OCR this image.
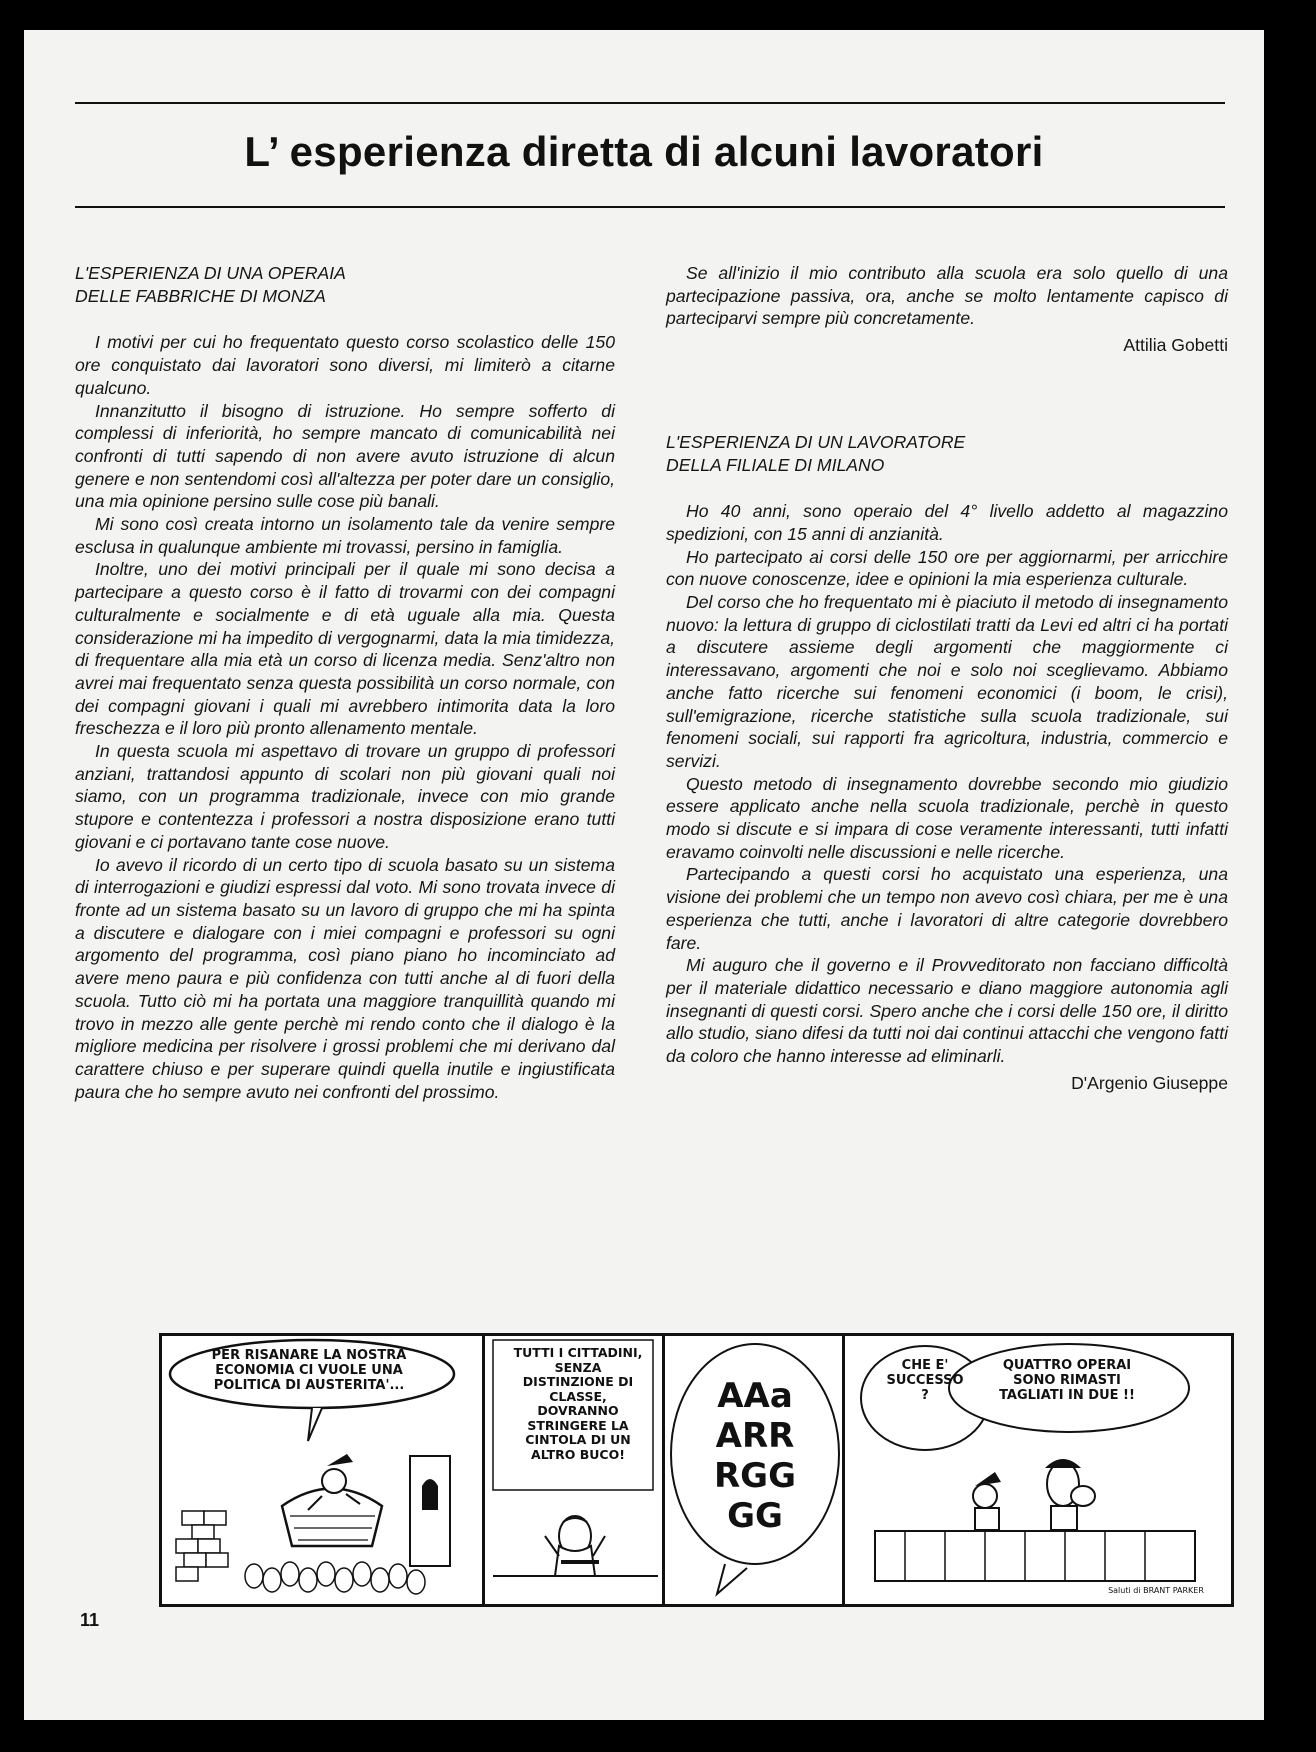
L’ esperienza diretta di alcuni lavoratori
L'ESPERIENZA DI UNA OPERAIA
DELLE FABBRICHE DI MONZA

I motivi per cui ho frequentato questo corso scolastico delle 150 ore conquistato dai lavoratori sono diversi, mi limiterò a citarne qualcuno.

Innanzitutto il bisogno di istruzione. Ho sempre sofferto di complessi di inferiorità, ho sempre mancato di comunicabilità nei confronti di tutti sapendo di non avere avuto istruzione di alcun genere e non sentendomi così all'altezza per poter dare un consiglio, una mia opinione persino sulle cose più banali.

Mi sono così creata intorno un isolamento tale da venire sempre esclusa in qualunque ambiente mi trovassi, persino in famiglia.

Inoltre, uno dei motivi principali per il quale mi sono decisa a partecipare a questo corso è il fatto di trovarmi con dei compagni culturalmente e socialmente e di età uguale alla mia. Questa considerazione mi ha impedito di vergognarmi, data la mia timidezza, di frequentare alla mia età un corso di licenza media. Senz'altro non avrei mai frequentato senza questa possibilità un corso normale, con dei compagni giovani i quali mi avrebbero intimorita data la loro freschezza e il loro più pronto allenamento mentale.

In questa scuola mi aspettavo di trovare un gruppo di professori anziani, trattandosi appunto di scolari non più giovani quali noi siamo, con un programma tradizionale, invece con mio grande stupore e contentezza i professori a nostra disposizione erano tutti giovani e ci portavano tante cose nuove.

Io avevo il ricordo di un certo tipo di scuola basato su un sistema di interrogazioni e giudizi espressi dal voto. Mi sono trovata invece di fronte ad un sistema basato su un lavoro di gruppo che mi ha spinta a discutere e dialogare con i miei compagni e professori su ogni argomento del programma, così piano piano ho incominciato ad avere meno paura e più confidenza con tutti anche al di fuori della scuola. Tutto ciò mi ha portata una maggiore tranquillità quando mi trovo in mezzo alle gente perchè mi rendo conto che il dialogo è la migliore medicina per risolvere i grossi problemi che mi derivano dal carattere chiuso e per superare quindi quella inutile e ingiustificata paura che ho sempre avuto nei confronti del prossimo.

Se all'inizio il mio contributo alla scuola era solo quello di una partecipazione passiva, ora, anche se molto lentamente capisco di parteciparvi sempre più concretamente.

Attilia Gobetti
L'ESPERIENZA DI UN LAVORATORE
DELLA FILIALE DI MILANO

Ho 40 anni, sono operaio del 4° livello addetto al magazzino spedizioni, con 15 anni di anzianità.

Ho partecipato ai corsi delle 150 ore per aggiornarmi, per arricchire con nuove conoscenze, idee e opinioni la mia esperienza culturale.

Del corso che ho frequentato mi è piaciuto il metodo di insegnamento nuovo: la lettura di gruppo di ciclostilati tratti da Levi ed altri ci ha portati a discutere assieme degli argomenti che maggiormente ci interessavano, argomenti che noi e solo noi sceglievamo. Abbiamo anche fatto ricerche sui fenomeni economici (i boom, le crisi), sull'emigrazione, ricerche statistiche sulla scuola tradizionale, sui fenomeni sociali, sui rapporti fra agricoltura, industria, commercio e servizi.

Questo metodo di insegnamento dovrebbe secondo mio giudizio essere applicato anche nella scuola tradizionale, perchè in questo modo si discute e si impara di cose veramente interessanti, tutti infatti eravamo coinvolti nelle discussioni e nelle ricerche.

Partecipando a questi corsi ho acquistato una esperienza, una visione dei problemi che un tempo non avevo così chiara, per me è una esperienza che tutti, anche i lavoratori di altre categorie dovrebbero fare.

Mi auguro che il governo e il Provveditorato non facciano difficoltà per il materiale didattico necessario e diano maggiore autonomia agli insegnanti di questi corsi. Spero anche che i corsi delle 150 ore, il diritto allo studio, siano difesi da tutti noi dai continui attacchi che vengono fatti da coloro che hanno interesse ad eliminarli.

D'Argenio Giuseppe
PER RISANARE LA NOSTRA ECONOMIA CI VUOLE UNA POLITICA DI AUSTERITA'...
TUTTI I CITTADINI, SENZA DISTINZIONE DI CLASSE, DOVRANNO STRINGERE LA CINTOLA DI UN ALTRO BUCO!
AAa ARR RGG GG
CHE E' SUCCESSO ?
QUATTRO OPERAI SONO RIMASTI TAGLIATI IN DUE !!
Saluti di BRANT PARKER
11
